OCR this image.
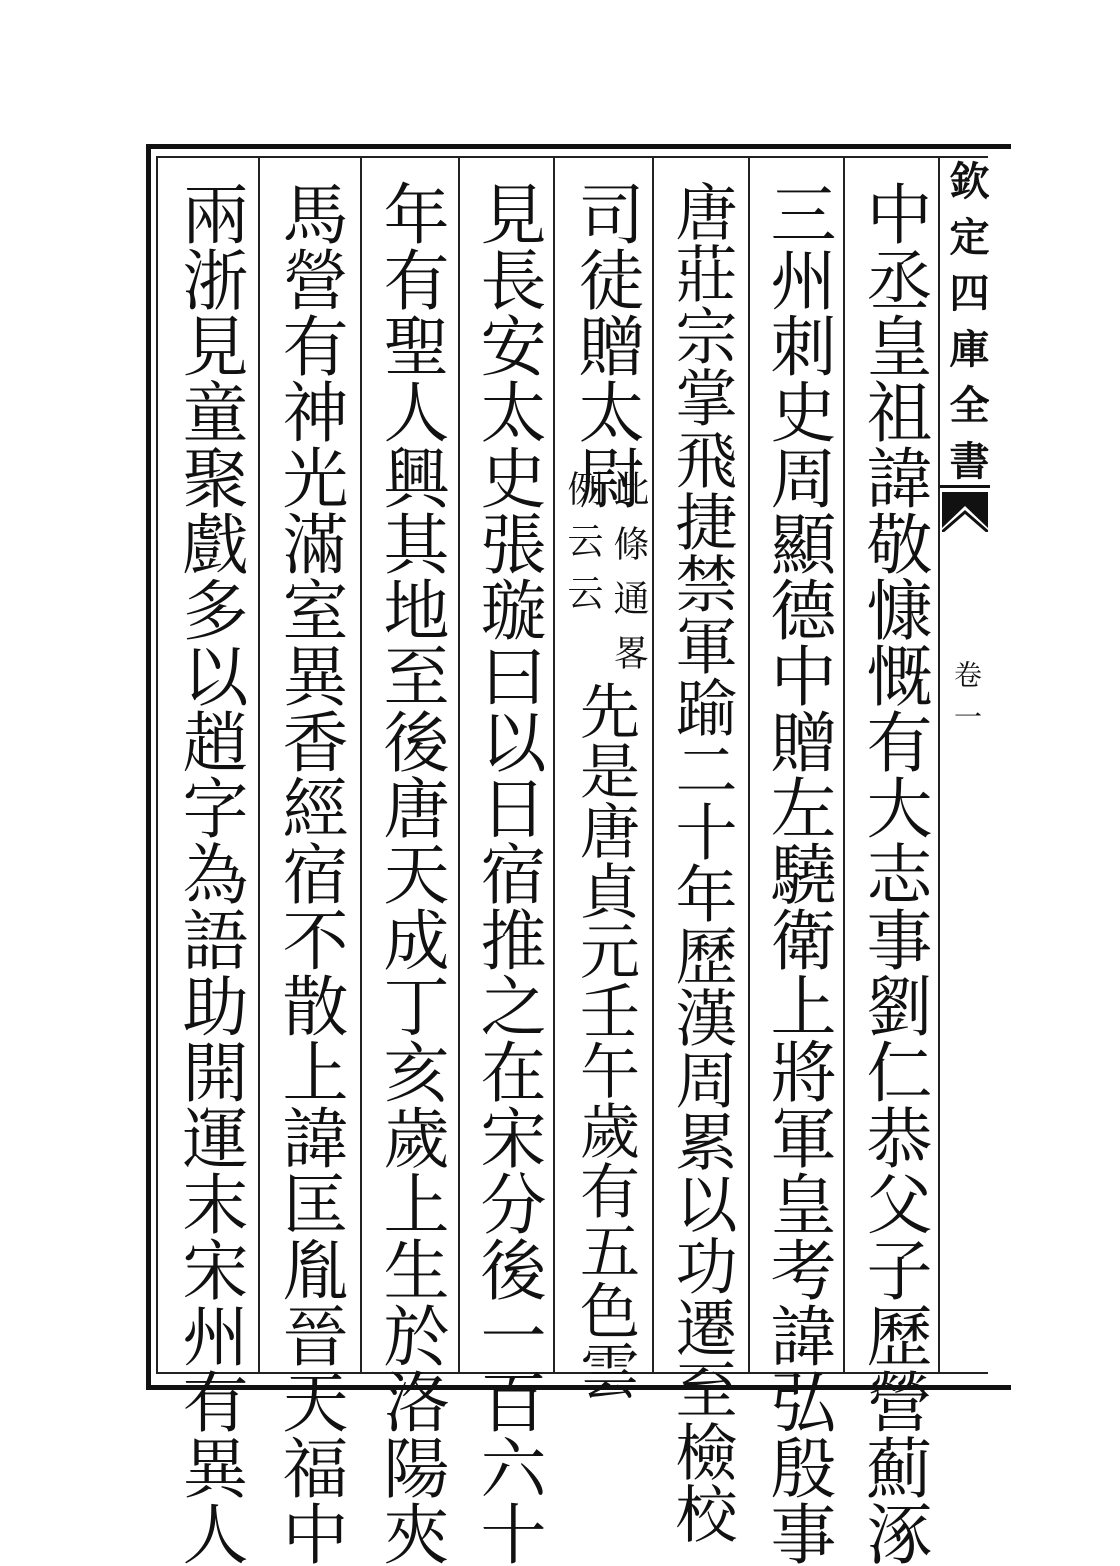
欽定四庫全書
卷一
中丞皇祖諱敬慷慨有大志事劉仁恭父子歷營薊涿
三州刺史周顯德中贈左驍衛上將軍皇考諱弘殷事
唐莊宗掌飛捷禁軍踰二十年歷漢周累以功遷至檢校
司徒贈太尉
此條通畧
例云云
先是唐貞元壬午歲有五色雲
見長安太史張璇曰以日宿推之在宋分後一百六十
年有聖人興其地至後唐天成丁亥歲上生於洛陽夾
馬營有神光滿室異香經宿不散上諱匡胤晉天福中
兩浙見童聚戲多以趙字為語助開運末宋州有異人
